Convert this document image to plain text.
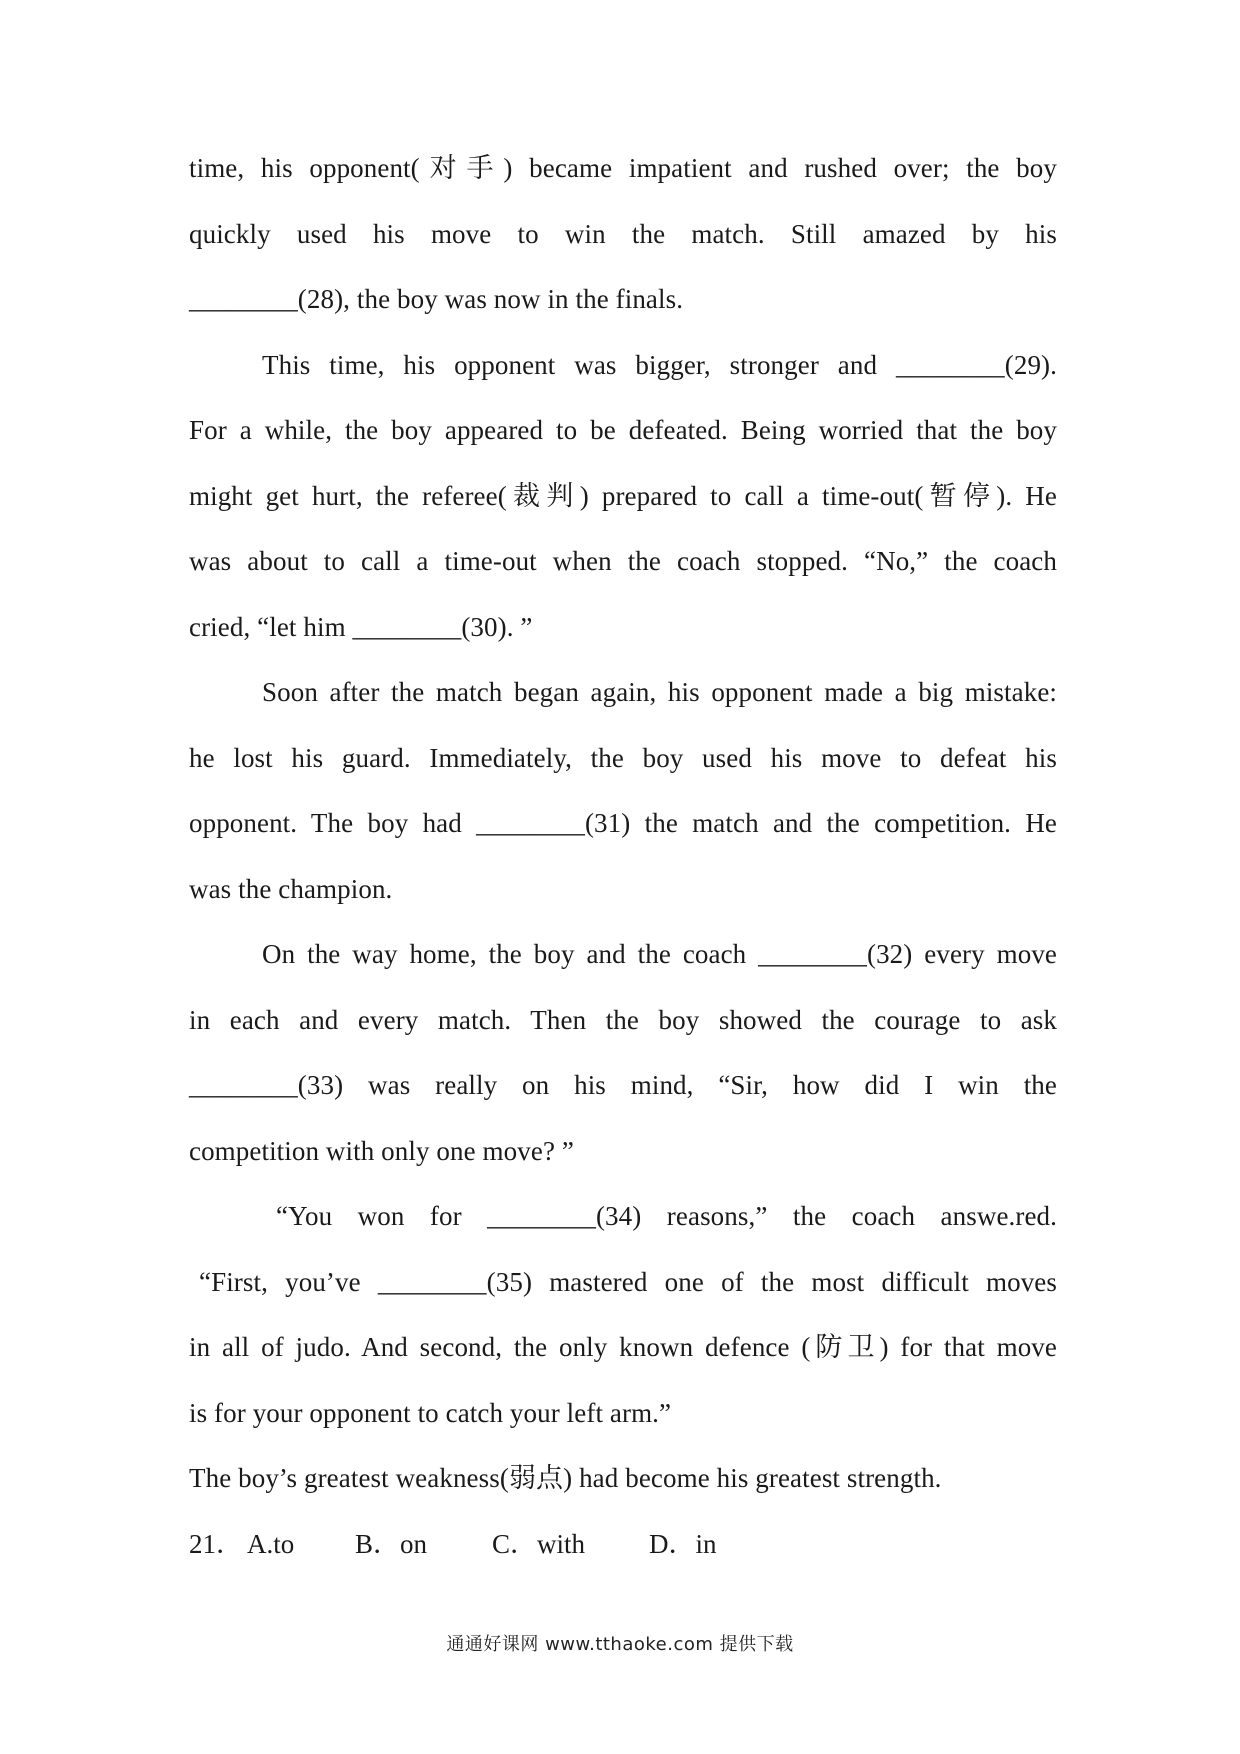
time, his opponent(对手) became impatient and rushed over; the boy
quickly used his move to win the match. Still amazed by his
________(28), the boy was now in the finals.
This time, his opponent was bigger, stronger and ________(29).
For a while, the boy appeared to be defeated. Being worried that the boy
might get hurt, the referee(裁判) prepared to call a time-out(暂停). He
was about to call a time-out when the coach stopped. “No,” the coach
cried, “let him ________(30). ”
Soon after the match began again, his opponent made a big mistake:
he lost his guard. Immediately, the boy used his move to defeat his
opponent. The boy had ________(31) the match and the competition. He
was the champion.
On the way home, the boy and the coach ________(32) every move
in each and every match. Then the boy showed the courage to ask
________(33) was really on his mind, “Sir, how did I win the
competition with only one move? ”
“You won for ________(34) reasons,” the coach answe.red.
“First, you’ve ________(35) mastered one of the most difficult moves
in all of judo. And second, the only known defence (防卫) for that move
is for your opponent to catch your left arm.”
The boy’s greatest weakness(弱点) had become his greatest strength.
21． A.to B．on C．with D．in
通通好课网 www.tthaoke.com 提供下载
